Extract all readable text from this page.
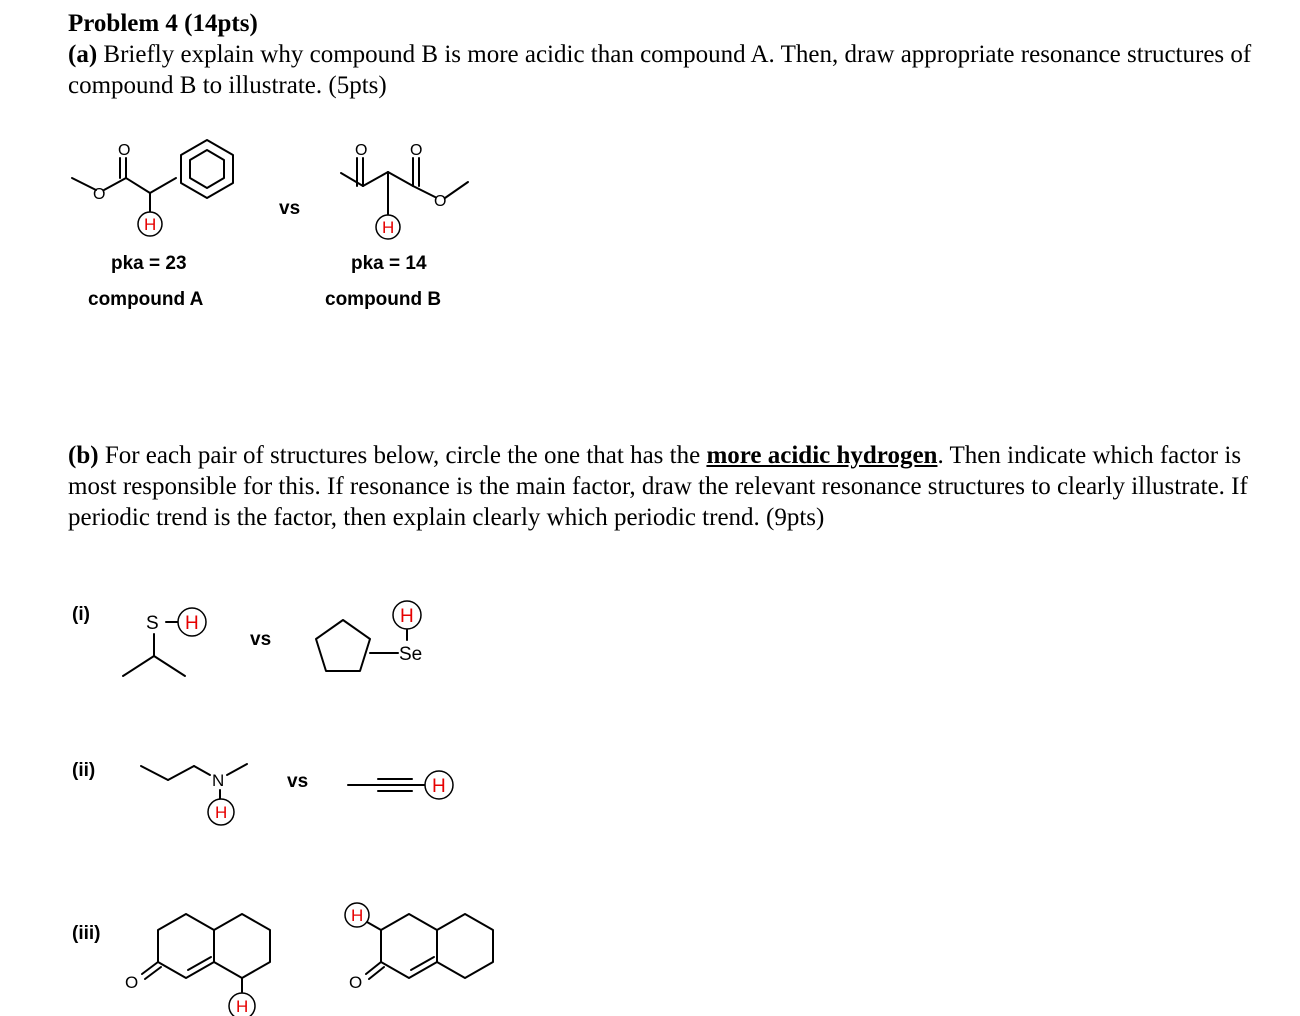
Problem 4 (14pts)
(a) Briefly explain why compound B is more acidic than compound A. Then, draw appropriate resonance structures of compound B to illustrate. (5pts)
(b) For each pair of structures below, circle the one that has the more acidic hydrogen. Then indicate which factor is most responsible for this. If resonance is the main factor, draw the relevant resonance structures to clearly illustrate. If periodic trend is the factor, then explain clearly which periodic trend. (9pts)
O
O
H
pka = 23
compound A
vs
O	O
O
H
pka = 14
compound B
(i)	S H
vs
Se
H
(ii)	N
H
vs	H
(iii)
O
H
O
H
